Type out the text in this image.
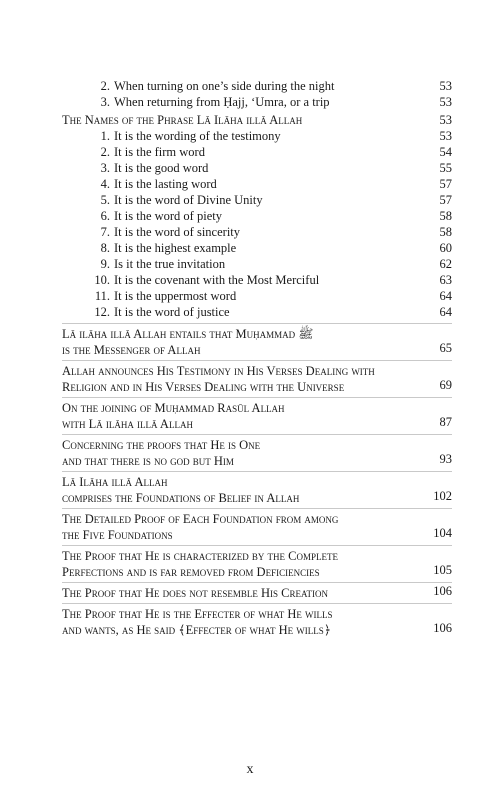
2. When turning on one’s side during the night	53
3. When returning from Ḥajj, ‘Umra, or a trip	53
The Names of the Phrase Lā Ilāha illā Allah	53
1. It is the wording of the testimony	53
2. It is the firm word	54
3. It is the good word	55
4. It is the lasting word	57
5. It is the word of Divine Unity	57
6. It is the word of piety	58
7. It is the word of sincerity	58
8. It is the highest example	60
9. Is it the true invitation	62
10. It is the covenant with the Most Merciful	63
11. It is the uppermost word	64
12. It is the word of justice	64
Lā ilāha illā Allah entails that Muḥammad ﷺ
is the Messenger of Allah	65
Allah announces His Testimony in His Verses Dealing with
Religion and in His Verses Dealing with the Universe	69
On the joining of Muḥammad Rasūl Allah
with Lā ilāha illā Allah	87
Concerning the proofs that He is One
and that there is no god but Him	93
Lā Ilāha illā Allah
comprises the Foundations of Belief in Allah	102
The Detailed Proof of Each Foundation from among
the Five Foundations	104
The Proof that He is characterized by the Complete
Perfections and is far removed from Deficiencies	105
The Proof that He does not resemble His Creation	106
The Proof that He is the Effecter of what He wills
and wants, as He said ﴾Effecter of what He wills﴿	106
x
